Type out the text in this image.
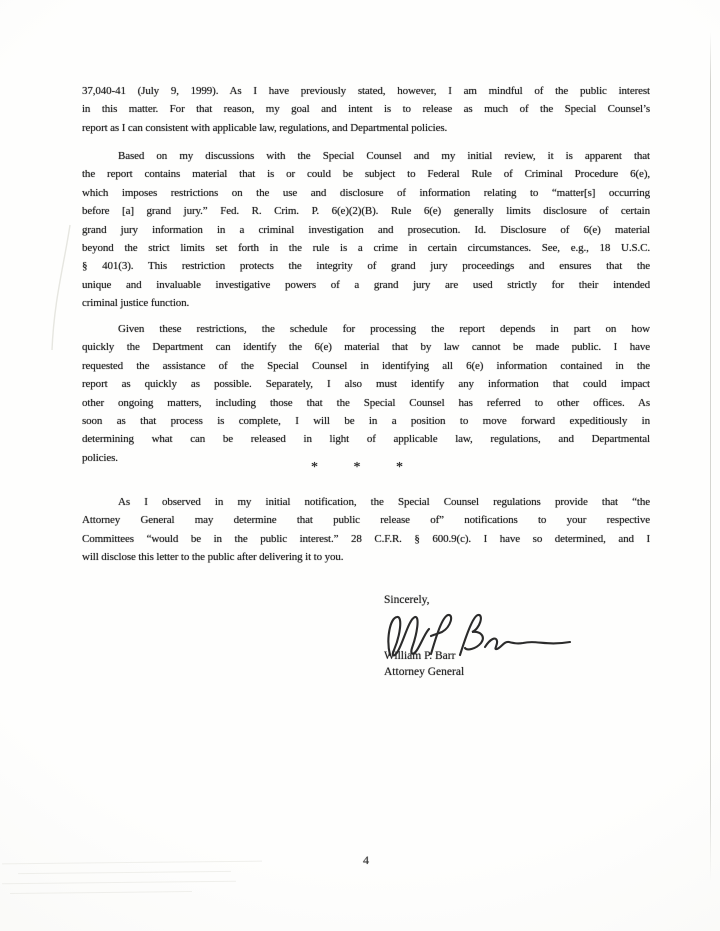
37,040-41 (July 9, 1999). As I have previously stated, however, I am mindful of the public interest
in this matter. For that reason, my goal and intent is to release as much of the Special Counsel’s
report as I can consistent with applicable law, regulations, and Departmental policies.
Based on my discussions with the Special Counsel and my initial review, it is apparent that
the report contains material that is or could be subject to Federal Rule of Criminal Procedure 6(e),
which imposes restrictions on the use and disclosure of information relating to “matter[s] occurring
before [a] grand jury.” Fed. R. Crim. P. 6(e)(2)(B). Rule 6(e) generally limits disclosure of certain
grand jury information in a criminal investigation and prosecution. Id. Disclosure of 6(e) material
beyond the strict limits set forth in the rule is a crime in certain circumstances. See, e.g., 18 U.S.C.
§ 401(3). This restriction protects the integrity of grand jury proceedings and ensures that the
unique and invaluable investigative powers of a grand jury are used strictly for their intended
criminal justice function.
Given these restrictions, the schedule for processing the report depends in part on how
quickly the Department can identify the 6(e) material that by law cannot be made public. I have
requested the assistance of the Special Counsel in identifying all 6(e) information contained in the
report as quickly as possible. Separately, I also must identify any information that could impact
other ongoing matters, including those that the Special Counsel has referred to other offices. As
soon as that process is complete, I will be in a position to move forward expeditiously in
determining what can be released in light of applicable law, regulations, and Departmental
policies.
*	*	*
As I observed in my initial notification, the Special Counsel regulations provide that “the
Attorney General may determine that public release of” notifications to your respective
Committees “would be in the public interest.” 28 C.F.R. § 600.9(c). I have so determined, and I
will disclose this letter to the public after delivering it to you.
Sincerely,
William P. Barr
Attorney General
4
